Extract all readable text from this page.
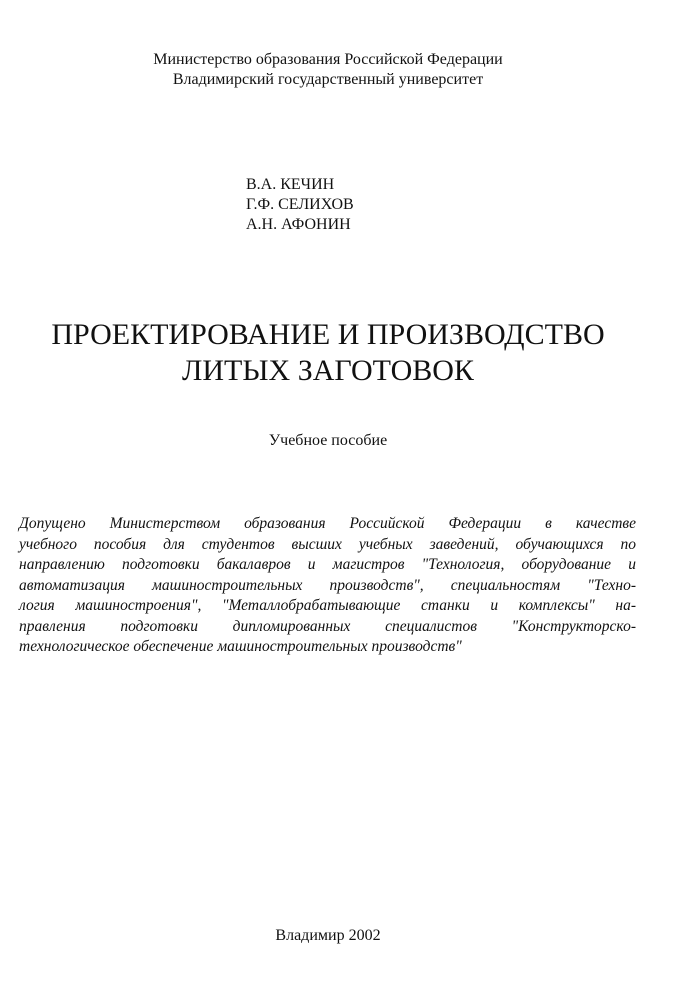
Министерство образования Российской Федерации
Владимирский государственный университет
В.А. КЕЧИН
Г.Ф. СЕЛИХОВ
А.Н. АФОНИН
ПРОЕКТИРОВАНИЕ И ПРОИЗВОДСТВО
ЛИТЫХ ЗАГОТОВОК
Учебное пособие
Допущено Министерством образования Российской Федерации в качестве
учебного пособия для студентов высших учебных заведений, обучающихся по
направлению подготовки бакалавров и магистров "Технология, оборудование и
автоматизация машиностроительных производств", специальностям "Техно-
логия машиностроения", "Металлобрабатывающие станки и комплексы" на-
правления подготовки дипломированных специалистов "Конструкторско-
технологическое обеспечение машиностроительных производств"
Владимир 2002
